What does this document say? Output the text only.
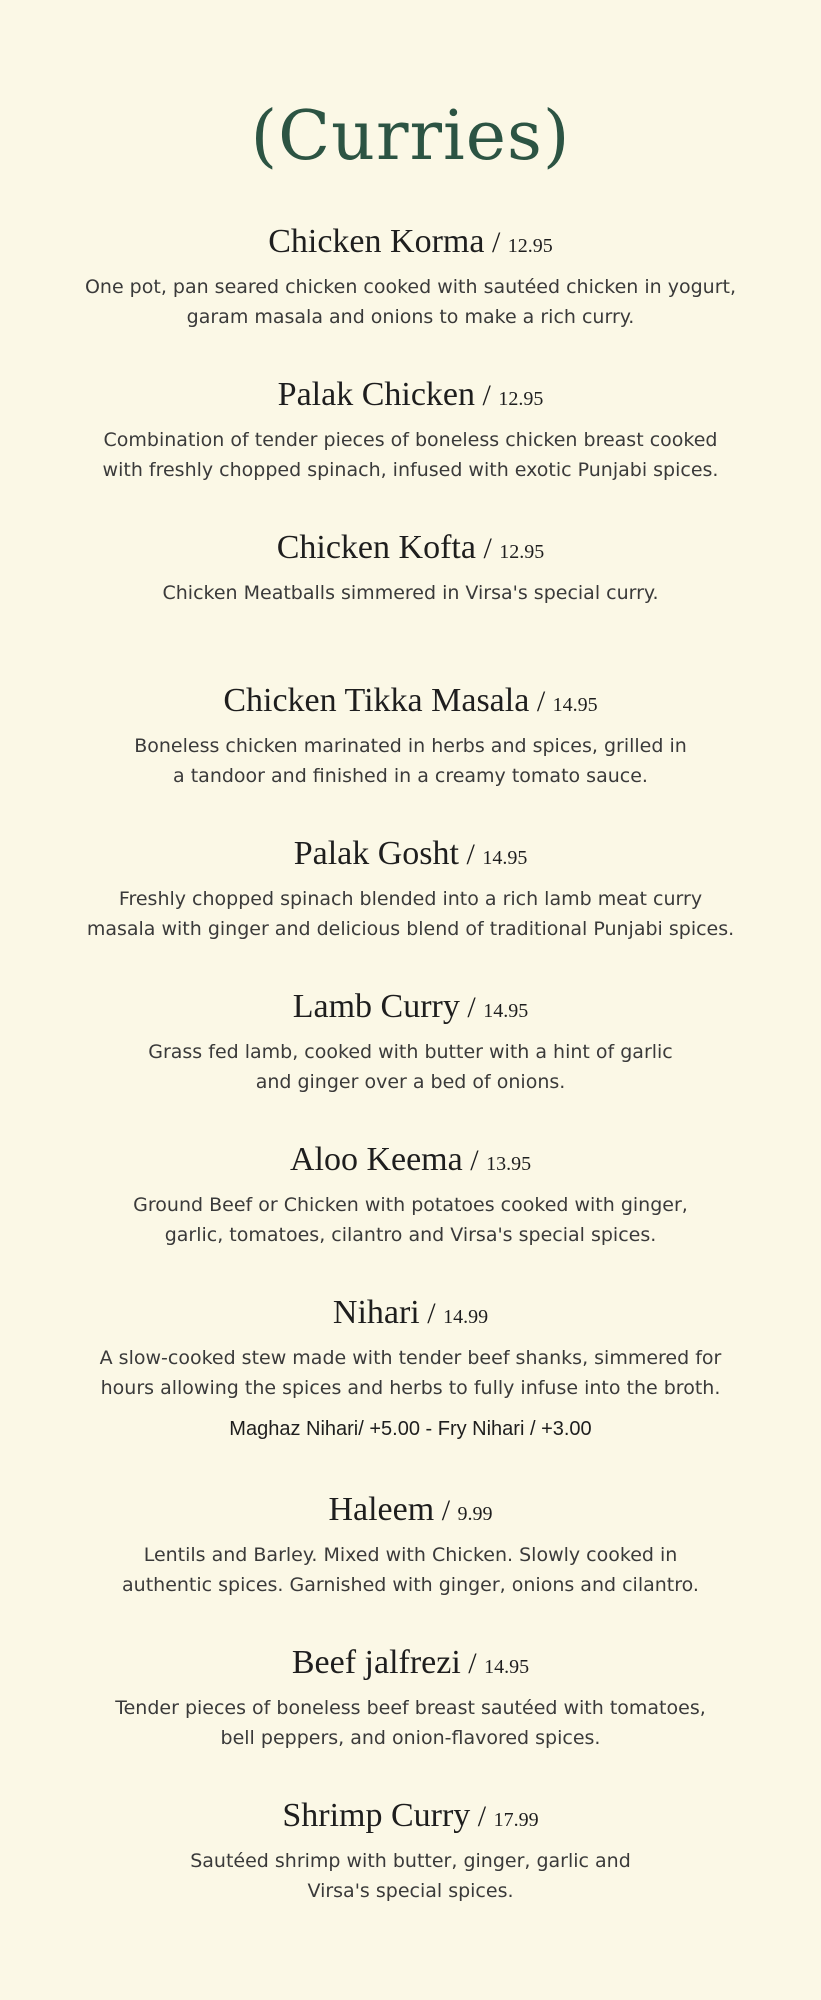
(Curries)
Chicken Korma / 12.95
One pot, pan seared chicken cooked with sautéed chicken in yogurt,
garam masala and onions to make a rich curry.
Palak Chicken / 12.95
Combination of tender pieces of boneless chicken breast cooked
with freshly chopped spinach, infused with exotic Punjabi spices.
Chicken Kofta / 12.95
Chicken Meatballs simmered in Virsa's special curry.
Chicken Tikka Masala / 14.95
Boneless chicken marinated in herbs and spices, grilled in
a tandoor and finished in a creamy tomato sauce.
Palak Gosht / 14.95
Freshly chopped spinach blended into a rich lamb meat curry
masala with ginger and delicious blend of traditional Punjabi spices.
Lamb Curry / 14.95
Grass fed lamb, cooked with butter with a hint of garlic
and ginger over a bed of onions.
Aloo Keema / 13.95
Ground Beef or Chicken with potatoes cooked with ginger,
garlic, tomatoes, cilantro and Virsa's special spices.
Nihari / 14.99
A slow-cooked stew made with tender beef shanks, simmered for
hours allowing the spices and herbs to fully infuse into the broth.
Maghaz Nihari/ +5.00 - Fry Nihari / +3.00
Haleem / 9.99
Lentils and Barley. Mixed with Chicken. Slowly cooked in
authentic spices. Garnished with ginger, onions and cilantro.
Beef jalfrezi / 14.95
Tender pieces of boneless beef breast sautéed with tomatoes,
bell peppers, and onion-flavored spices.
Shrimp Curry / 17.99
Sautéed shrimp with butter, ginger, garlic and
Virsa's special spices.
